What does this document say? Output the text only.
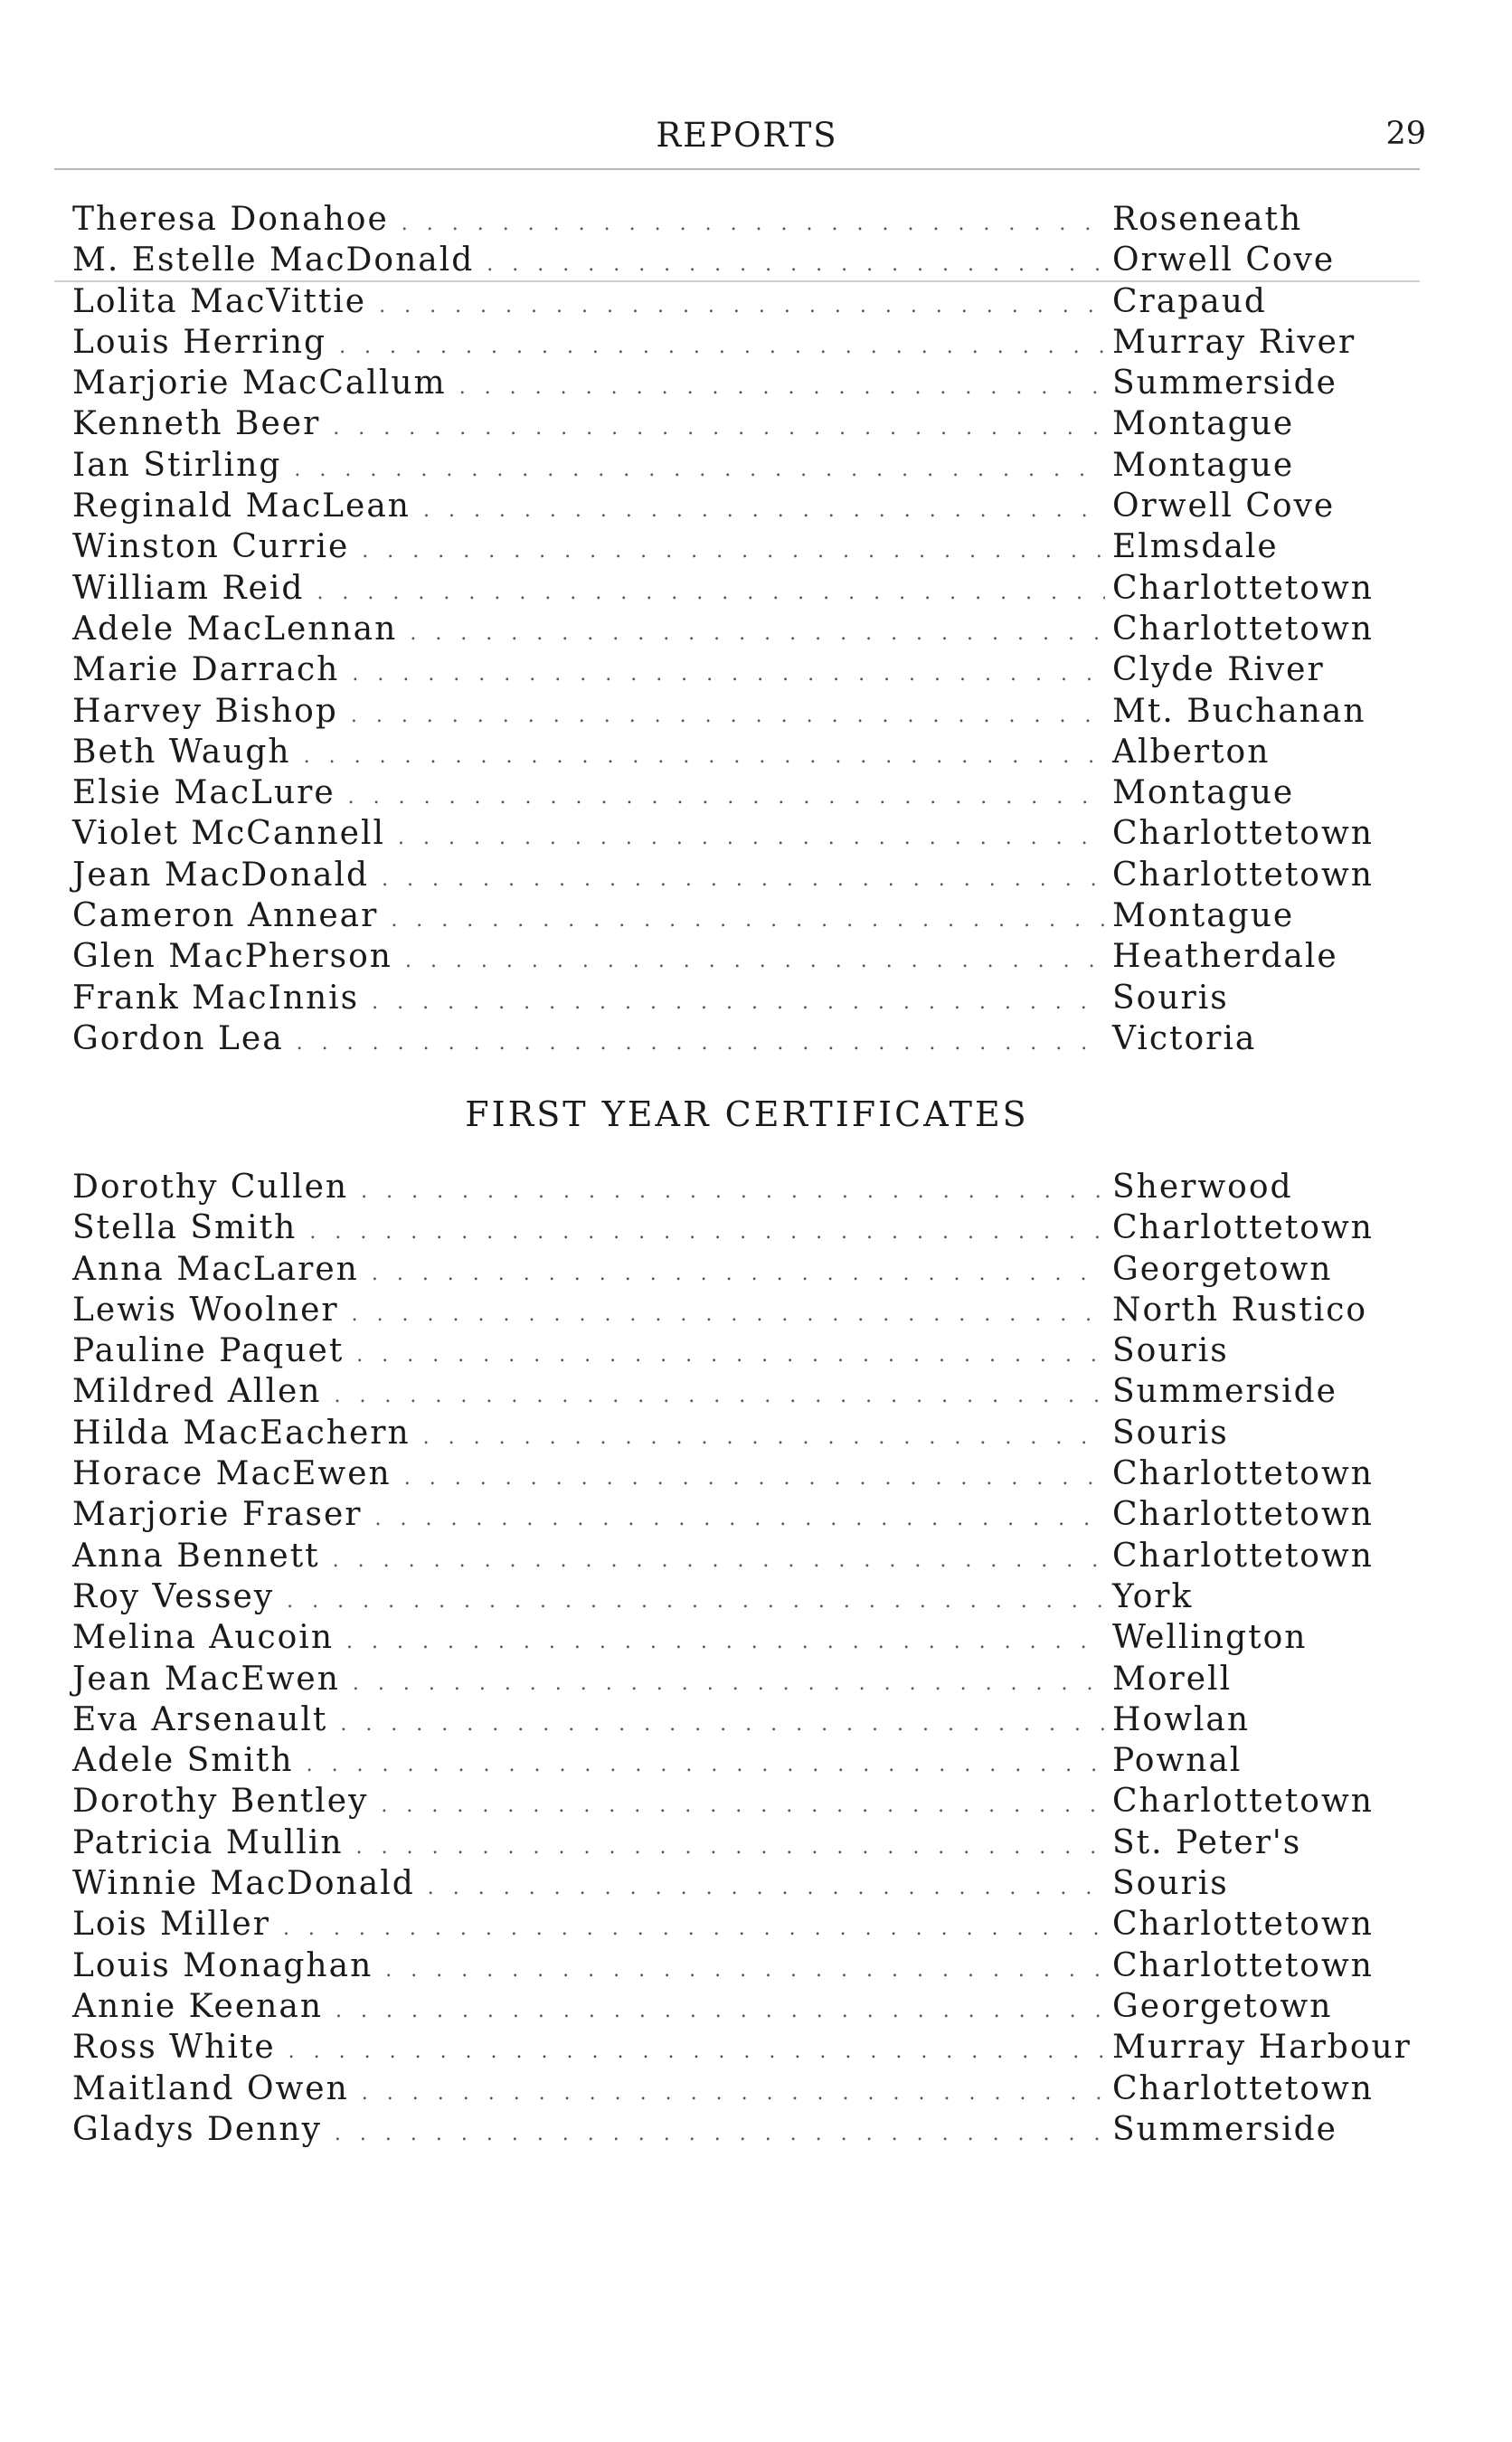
REPORTS	29
Theresa Donahoe . . .	Roseneath
M. Estelle MacDonald . . .	Orwell Cove
Lolita MacVittie . . .	Crapaud
Louis Herring . . .	Murray River
Marjorie MacCallum . . .	Summerside
Kenneth Beer . . .	Montague
Ian Stirling . . .	Montague
Reginald MacLean . . .	Orwell Cove
Winston Currie . . .	Elmsdale
William Reid . . .	Charlottetown
Adele MacLennan . . .	Charlottetown
Marie Darrach . . .	Clyde River
Harvey Bishop . . .	Mt. Buchanan
Beth Waugh . . .	Alberton
Elsie MacLure . . .	Montague
Violet McCannell . . .	Charlottetown
Jean MacDonald . . .	Charlottetown
Cameron Annear . . .	Montague
Glen MacPherson . . .	Heatherdale
Frank MacInnis . . .	Souris
Gordon Lea . . .	Victoria
FIRST YEAR CERTIFICATES
Dorothy Cullen . . .	Sherwood
Stella Smith . . .	Charlottetown
Anna MacLaren . . .	Georgetown
Lewis Woolner . . .	North Rustico
Pauline Paquet . . .	Souris
Mildred Allen . . .	Summerside
Hilda MacEachern . . .	Souris
Horace MacEwen . . .	Charlottetown
Marjorie Fraser . . .	Charlottetown
Anna Bennett . . .	Charlottetown
Roy Vessey . . .	York
Melina Aucoin . . .	Wellington
Jean MacEwen . . .	Morell
Eva Arsenault . . .	Howlan
Adele Smith . . .	Pownal
Dorothy Bentley . . .	Charlottetown
Patricia Mullin . . .	St. Peter's
Winnie MacDonald . . .	Souris
Lois Miller . . .	Charlottetown
Louis Monaghan . . .	Charlottetown
Annie Keenan . . .	Georgetown
Ross White . . .	Murray Harbour
Maitland Owen . . .	Charlottetown
Gladys Denny . . .	Summerside
